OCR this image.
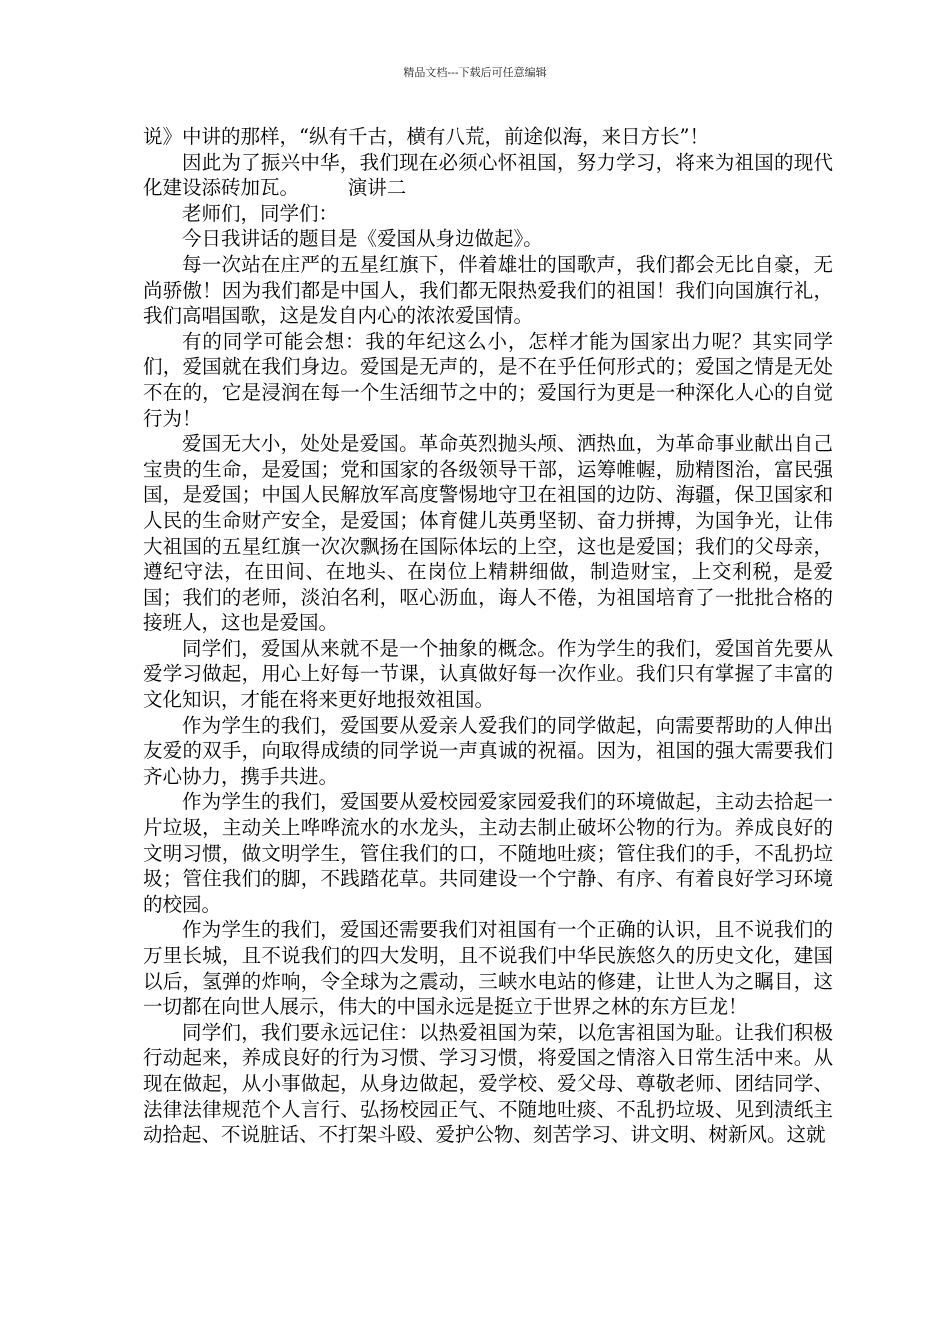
精品文档---下载后可任意编辑

说》中讲的那样，“纵有千古，横有八荒，前途似海，来日方长”！

因此为了振兴中华，我们现在必须心怀祖国，努力学习，将来为祖国的现代化建设添砖加瓦。	演讲二

老师们，同学们：

今日我讲话的题目是《爱国从身边做起》。

每一次站在庄严的五星红旗下，伴着雄壮的国歌声，我们都会无比自豪，无尚骄傲！因为我们都是中国人，我们都无限热爱我们的祖国！我们向国旗行礼，我们高唱国歌，这是发自内心的浓浓爱国情。

有的同学可能会想：我的年纪这么小，怎样才能为国家出力呢？其实同学们，爱国就在我们身边。爱国是无声的，是不在乎任何形式的；爱国之情是无处不在的，它是浸润在每一个生活细节之中的；爱国行为更是一种深化人心的自觉行为！

爱国无大小，处处是爱国。革命英烈抛头颅、洒热血，为革命事业献出自己宝贵的生命，是爱国；党和国家的各级领导干部，运筹帷幄，励精图治，富民强国，是爱国；中国人民解放军高度警惕地守卫在祖国的边防、海疆，保卫国家和人民的生命财产安全，是爱国；体育健儿英勇坚韧、奋力拼搏，为国争光，让伟大祖国的五星红旗一次次飘扬在国际体坛的上空，这也是爱国；我们的父母亲，遵纪守法，在田间、在地头、在岗位上精耕细做，制造财宝，上交利税，是爱国；我们的老师，淡泊名利，呕心沥血，诲人不倦，为祖国培育了一批批合格的接班人，这也是爱国。

同学们，爱国从来就不是一个抽象的概念。作为学生的我们，爱国首先要从爱学习做起，用心上好每一节课，认真做好每一次作业。我们只有掌握了丰富的文化知识，才能在将来更好地报效祖国。

作为学生的我们，爱国要从爱亲人爱我们的同学做起，向需要帮助的人伸出友爱的双手，向取得成绩的同学说一声真诚的祝福。因为，祖国的强大需要我们齐心协力，携手共进。

作为学生的我们，爱国要从爱校园爱家园爱我们的环境做起，主动去拾起一片垃圾，主动关上哗哗流水的水龙头，主动去制止破坏公物的行为。养成良好的文明习惯，做文明学生，管住我们的口，不随地吐痰；管住我们的手，不乱扔垃圾；管住我们的脚，不践踏花草。共同建设一个宁静、有序、有着良好学习环境的校园。

作为学生的我们，爱国还需要我们对祖国有一个正确的认识，且不说我们的万里长城，且不说我们的四大发明，且不说我们中华民族悠久的历史文化，建国以后，氢弹的炸响，令全球为之震动，三峡水电站的修建，让世人为之瞩目，这一切都在向世人展示，伟大的中国永远是挺立于世界之林的东方巨龙！

同学们，我们要永远记住：以热爱祖国为荣，以危害祖国为耻。让我们积极行动起来，养成良好的行为习惯、学习习惯，将爱国之情溶入日常生活中来。从现在做起，从小事做起，从身边做起，爱学校、爱父母、尊敬老师、团结同学、法律法律规范个人言行、弘扬校园正气、不随地吐痰、不乱扔垃圾、见到渍纸主动拾起、不说脏话、不打架斗殴、爱护公物、刻苦学习、讲文明、树新风。这就
